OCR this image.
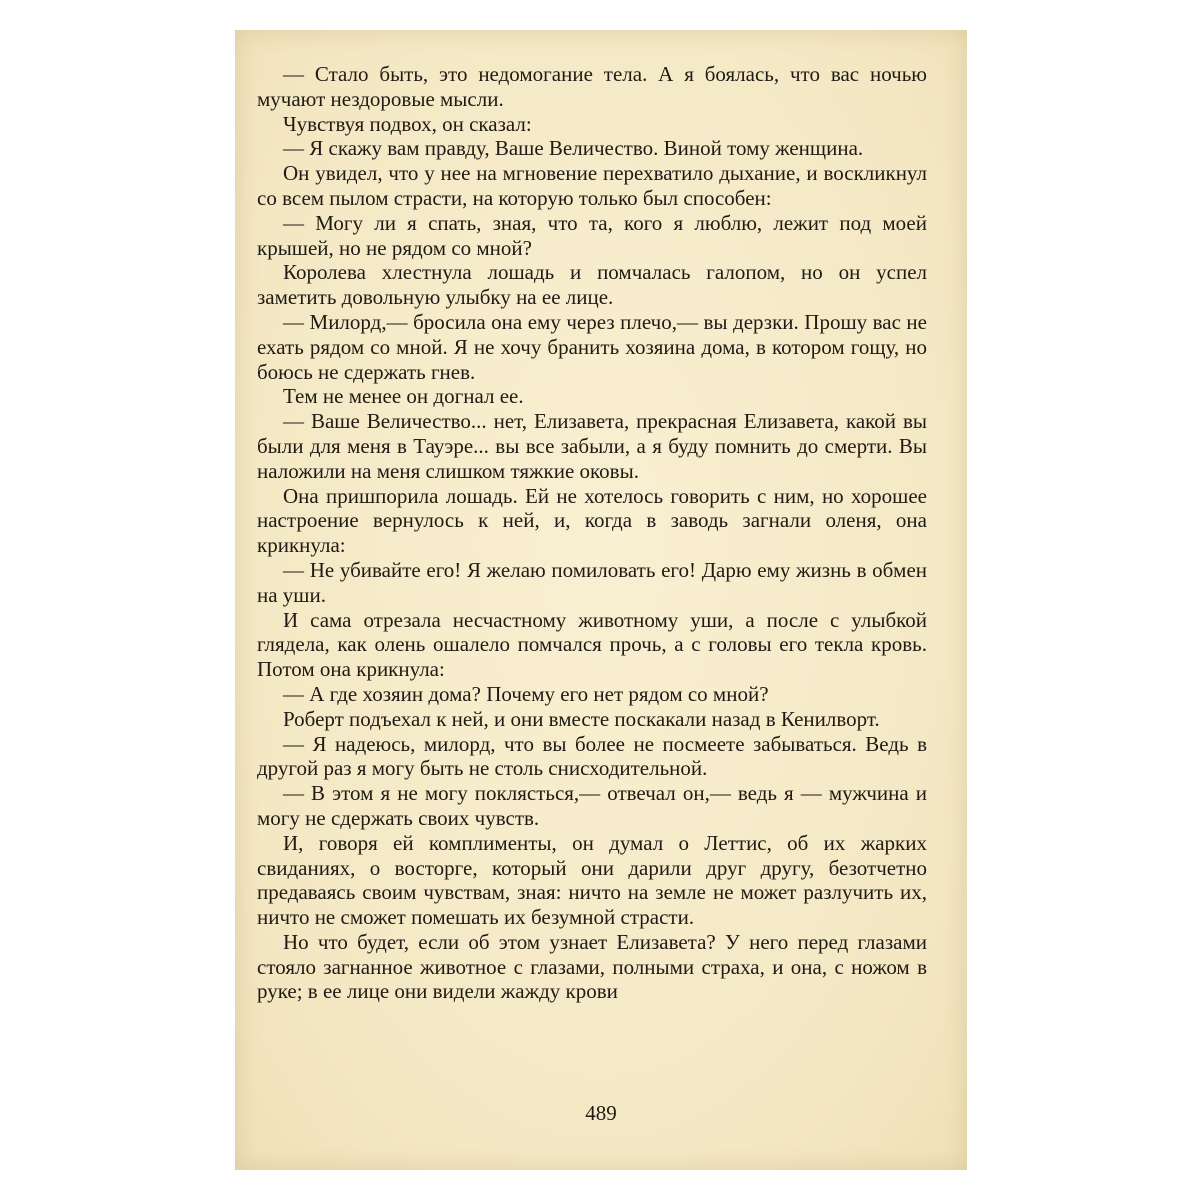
— Стало быть, это недомогание тела. А я боялась, что вас ночью мучают нездоровые мысли.

Чувствуя подвох, он сказал:

— Я скажу вам правду, Ваше Величество. Виной тому женщина.

Он увидел, что у нее на мгновение перехватило дыхание, и воскликнул со всем пылом страсти, на которую только был способен:

— Могу ли я спать, зная, что та, кого я люблю, лежит под моей крышей, но не рядом со мной?

Королева хлестнула лошадь и помчалась галопом, но он успел заметить довольную улыбку на ее лице.

— Милорд,— бросила она ему через плечо,— вы дерзки. Прошу вас не ехать рядом со мной. Я не хочу бранить хозяина дома, в котором гощу, но боюсь не сдержать гнев.

Тем не менее он догнал ее.

— Ваше Величество... нет, Елизавета, прекрасная Елизавета, какой вы были для меня в Тауэре... вы все забыли, а я буду помнить до смерти. Вы наложили на меня слишком тяжкие оковы.

Она пришпорила лошадь. Ей не хотелось говорить с ним, но хорошее настроение вернулось к ней, и, когда в заводь загнали оленя, она крикнула:

— Не убивайте его! Я желаю помиловать его! Дарю ему жизнь в обмен на уши.

И сама отрезала несчастному животному уши, а после с улыбкой глядела, как олень ошалело помчался прочь, а с головы его текла кровь. Потом она крикнула:

— А где хозяин дома? Почему его нет рядом со мной?

Роберт подъехал к ней, и они вместе поскакали назад в Кенилворт.

— Я надеюсь, милорд, что вы более не посмеете забываться. Ведь в другой раз я могу быть не столь снисходительной.

— В этом я не могу поклясться,— отвечал он,— ведь я — мужчина и могу не сдержать своих чувств.

И, говоря ей комплименты, он думал о Леттис, об их жарких свиданиях, о восторге, который они дарили друг другу, безотчетно предаваясь своим чувствам, зная: ничто на земле не может разлучить их, ничто не сможет помешать их безумной страсти.

Но что будет, если об этом узнает Елизавета? У него перед глазами стояло загнанное животное с глазами, полными страха, и она, с ножом в руке; в ее лице они видели жажду крови

489
